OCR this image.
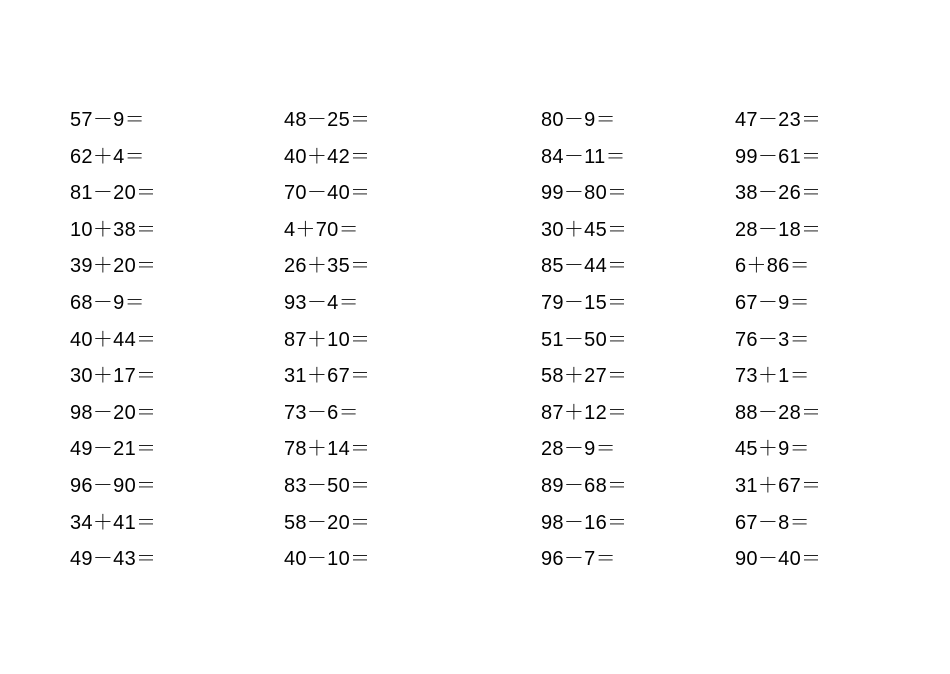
57－9＝
62＋4＝
81－20＝
10＋38＝
39＋20＝
68－9＝
40＋44＝
30＋17＝
98－20＝
49－21＝
96－90＝
34＋41＝
49－43＝
48－25＝
40＋42＝
70－40＝
4＋70＝
26＋35＝
93－4＝
87＋10＝
31＋67＝
73－6＝
78＋14＝
83－50＝
58－20＝
40－10＝
80－9＝
84－11＝
99－80＝
30＋45＝
85－44＝
79－15＝
51－50＝
58＋27＝
87＋12＝
28－9＝
89－68＝
98－16＝
96－7＝
47－23＝
99－61＝
38－26＝
28－18＝
6＋86＝
67－9＝
76－3＝
73＋1＝
88－28＝
45＋9＝
31＋67＝
67－8＝
90－40＝
